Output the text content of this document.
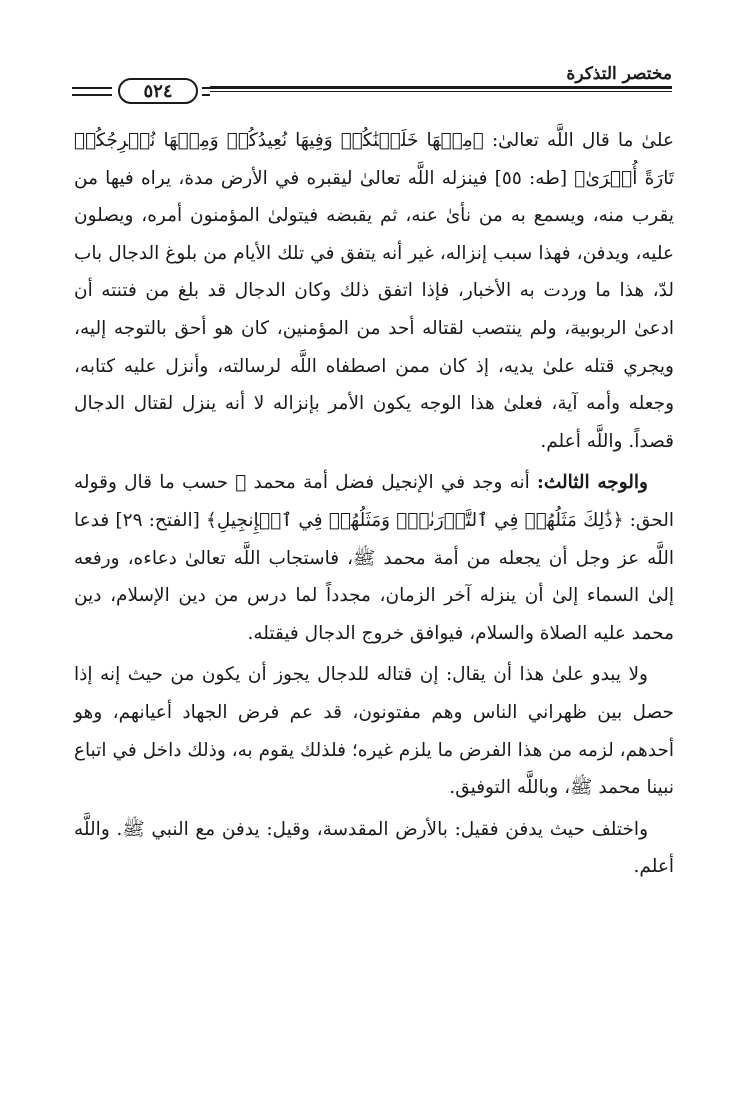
مختصر التذكرة
٥٢٤

علىٰ ما قال اللَّه تعالىٰ: ﴿مِنۡهَا خَلَقۡنَٰكُمۡ وَفِيهَا نُعِيدُكُمۡ وَمِنۡهَا نُخۡرِجُكُمۡ تَارَةً أُخۡرَىٰ﴾ [طه: ٥٥] فينزله اللَّه تعالىٰ ليقبره في الأرض مدة، يراه فيها من يقرب منه، ويسمع به من نأىٰ عنه، ثم يقبضه فيتولىٰ المؤمنون أمره، ويصلون عليه، ويدفن، فهذا سبب إنزاله، غير أنه يتفق في تلك الأيام من بلوغ الدجال باب لدّ، هذا ما وردت به الأخبار، فإذا اتفق ذلك وكان الدجال قد بلغ من فتنته أن ادعىٰ الربوبية، ولم ينتصب لقتاله أحد من المؤمنين، كان هو أحق بالتوجه إليه، ويجري قتله علىٰ يديه، إذ كان ممن اصطفاه اللَّه لرسالته، وأنزل عليه كتابه، وجعله وأمه آية، فعلىٰ هذا الوجه يكون الأمر بإنزاله لا أنه ينزل لقتال الدجال قصداً. واللَّه أعلم.

والوجه الثالث: أنه وجد في الإنجيل فضل أمة محمد ﷺ حسب ما قال وقوله الحق: ﴿ذَٰلِكَ مَثَلُهُمۡ فِي ٱلتَّوۡرَىٰةِۚ وَمَثَلُهُمۡ فِي ٱلۡإِنجِيلِ﴾ [الفتح: ٢٩] فدعا اللَّه عز وجل أن يجعله من أمة محمد ﷺ، فاستجاب اللَّه تعالىٰ دعاءه، ورفعه إلىٰ السماء إلىٰ أن ينزله آخر الزمان، مجدداً لما درس من دين الإسلام، دين محمد عليه الصلاة والسلام، فيوافق خروج الدجال فيقتله.

ولا يبدو علىٰ هذا أن يقال: إن قتاله للدجال يجوز أن يكون من حيث إنه إذا حصل بين ظهراني الناس وهم مفتونون، قد عم فرض الجهاد أعيانهم، وهو أحدهم، لزمه من هذا الفرض ما يلزم غيره؛ فلذلك يقوم به، وذلك داخل في اتباع نبينا محمد ﷺ، وباللَّه التوفيق.

واختلف حيث يدفن فقيل: بالأرض المقدسة، وقيل: يدفن مع النبي ﷺ. واللَّه أعلم.
